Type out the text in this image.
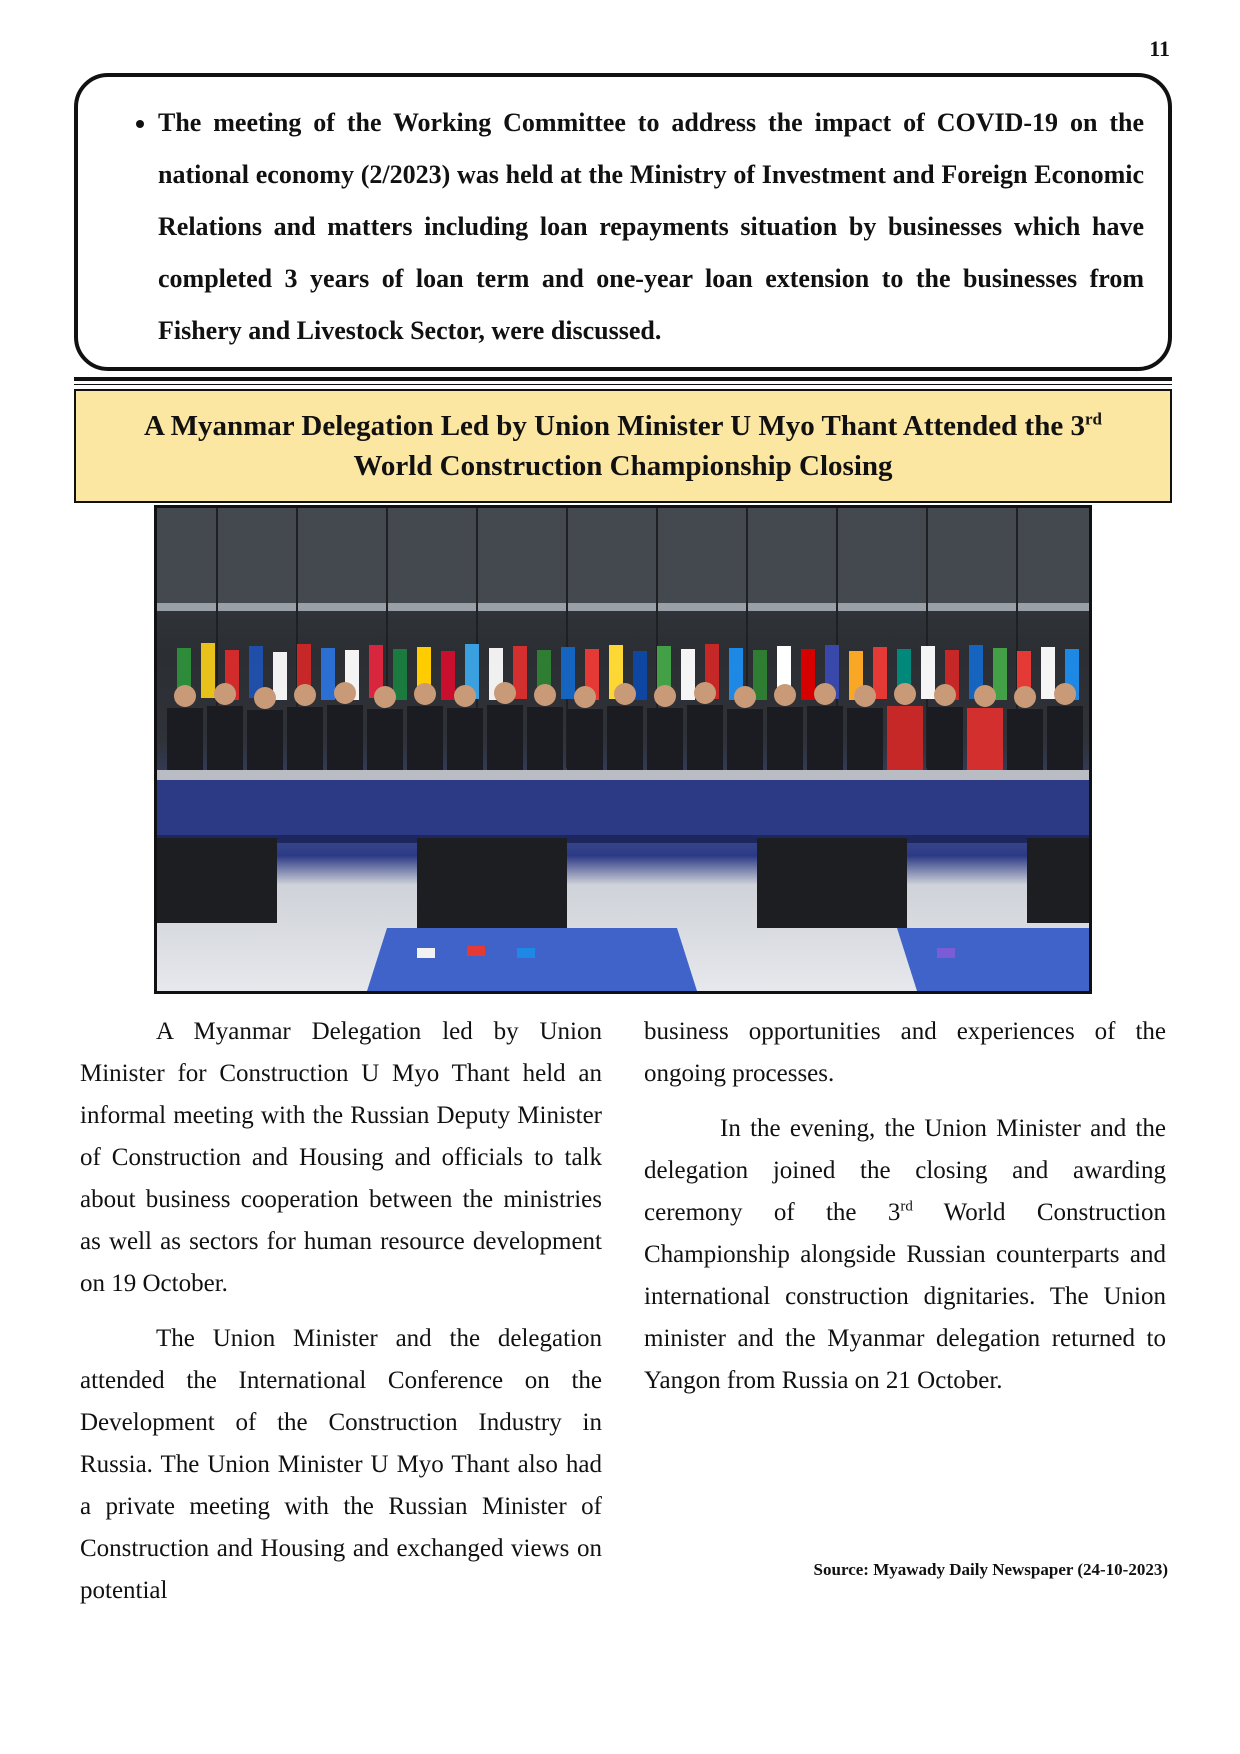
11
• The meeting of the Working Committee to address the impact of COVID-19 on the national economy (2/2023) was held at the Ministry of Investment and Foreign Economic Relations and matters including loan repayments situation by businesses which have completed 3 years of loan term and one-year loan extension to the businesses from Fishery and Livestock Sector, were discussed.
A Myanmar Delegation Led by Union Minister U Myo Thant Attended the 3rd
World Construction Championship Closing

A Myanmar Delegation led by Union Minister for Construction U Myo Thant held an informal meeting with the Russian Deputy Minister of Construction and Housing and officials to talk about business cooperation between the ministries as well as sectors for human resource development on 19 October.

The Union Minister and the delegation attended the International Conference on the Development of the Construction Industry in Russia. The Union Minister U Myo Thant also had a private meeting with the Russian Minister of Construction and Housing and exchanged views on potential

business opportunities and experiences of the ongoing processes.

In the evening, the Union Minister and the delegation joined the closing and awarding ceremony of the 3rd World Construction Championship alongside Russian counterparts and international construction dignitaries. The Union minister and the Myanmar delegation returned to Yangon from Russia on 21 October.

Source: Myawady Daily Newspaper (24-10-2023)
